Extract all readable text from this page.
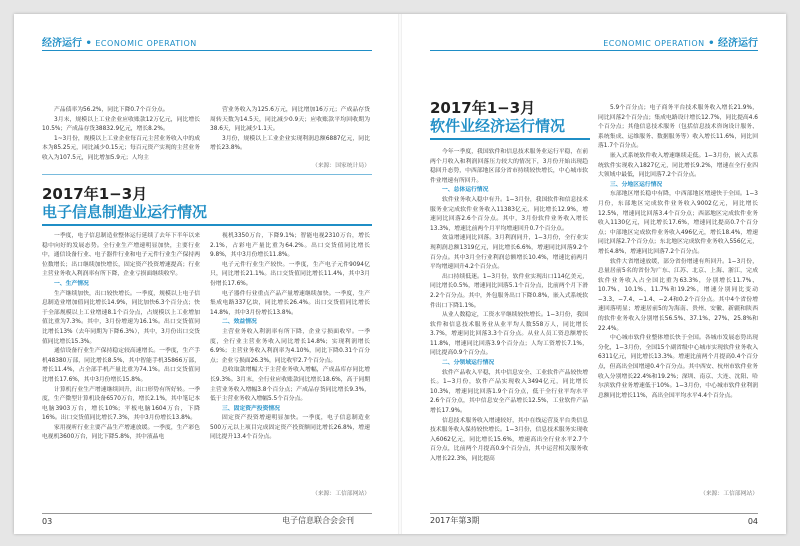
经济运行 • ECONOMIC OPERATION

产品债率为56.2%，同比下降0.7个百分点。

3月末，规模以上工业企业应收账款12万亿元，同比增长10.5%；产成品存货38832.9亿元，增长8.2%。

1~3月份，规模以上工业企业每百元主营业务收入中的成本为85.25元，同比减少0.15元；每百元资产实现的主营业务收入为107.5元，同比增加5.9元；人均主

营业务收入为125.6万元，同比增加16万元；产成品存货周转天数为14.5天，同比减少0.9天；应收账款平均回收期为38.6天，同比减少1.1天。

3月份，规模以上工业企业实现利润总额6887亿元，同比增长23.8%。

（来源：国家统计局）

2017年1−3月
电子信息制造业运行情况

一季度，电子信息制造业整体运行延续了去年下半年以来稳中向好的发展态势。全行业生产增速明显加快，主要行业中，通信设备行业、电子器件行业和电子元件行业生产保持两位数增长；出口继续加快增长，固定资产投资增速提高；行业主营业务收入利润率有所下降，企业亏损面继续收窄。

一、生产情况

生产继续加快，出口较快增长。一季度，规模以上电子信息制造业增加值同比增长14.9%，同比加快6.3个百分点；快于全部规模以上工业增速8.1个百分点，占规模以上工业增加值比重为7.3%。其中，3月份增速为16.1%。出口交货值同比增长13%（去年同期为下降6.3%），其中，3月份出口交货值同比增长15.3%。

通信设备行业生产保持稳定较高速增长。一季度，生产手机48380万部，同比增长8.5%，其中智能手机35866万部，增长11.4%，占全部手机产量比重为74.1%。出口交货值同比增长17.6%，其中3月份增长15.8%。

计算机行业生产增速继续回升，出口形势有所好转。一季度，生产微型计算机设备6570万台，增长2.1%，其中笔记本电脑3903万台，增长10%；平板电脑1604万台，下降16%。出口交货值同比增长7.3%，其中3月份增长13.8%。

家用视听行业主要产品生产增速放缓。一季度，生产彩色电视机3600万台，同比下降5.8%，其中液晶电

视机3350万台，下降9.1%；智能电视2310万台，增长2.1%，占彩电产量比重为64.2%。出口交货值同比增长9.8%，其中3月份增长11.8%。

电子元件行业生产较快。一季度，生产电子元件9094亿只，同比增长21.1%。出口交货值同比增长11.4%，其中3月份增长17.6%。

电子器件行业重点产品产量增速继续加快。一季度，生产集成电路337亿块，同比增长26.4%。出口交货值同比增长14.8%，其中3月份增长13.8%。

二、效益情况

主营业务收入利润率有所下降，企业亏损面收窄。一季度，全行业主营业务收入同比增长14.8%；实现利润增长6.9%；主营业务收入利润率为4.10%，同比下降0.31个百分点；企业亏损面26.3%，同比收窄2.7个百分点。

总收取款增幅大于主营业务收入增幅，产成品库存同比增长9.3%。3月末，全行业应收账款同比增长18.6%，高于同期主营业务收入增幅3.8个百分点；产成品存货同比增长9.3%，低于主营业务收入增幅5.5个百分点。

三、固定资产投资情况

固定资产投资增速明显加快。一季度，电子信息制造业500万元以上项目完成固定资产投资额同比增长26.8%，增速同比提升13.4个百分点。

（来源：工信部网站）

03	电子信息联合会会刊
ECONOMIC OPERATION • 经济运行
2017年1−3月
软件业经济运行情况

今年一季度，我国软件和信息技术服务业运行平稳，在前两个月收入和利润回落压力较大的情况下，3月份开始出现趋稳回升态势，中西部地区部分省市持续较快增长，中心城市软件业增速有所回升。

一、总体运行情况

软件业务收入稳中有升。1−3月份，我国软件和信息技术服务业完成软件业务收入11383亿元，同比增长12.9%，增速同比回落2.6个百分点。其中，3月份软件业务收入增长13.3%，增速比前两个月平均增速回升0.7个百分点。

效益增速同比回落。3月利润同升，1−3月份，全行业实现利润总额1319亿元，同比增长6.6%，增速同比回落9.2个百分点。其中3月全行业利润总额增长10.4%，增速比前两月平均增速回升4.2个百分点。

出口持续低迷。1−3月份，软件业实现出口114亿美元，同比增长0.5%，增速同比回落5.1个百分点，比前两个月下滑2.2个百分点。其中，外包服务出口下降0.8%，嵌入式系统软件出口下降1.1%。

从业人数稳定，工资水平继续较快增长。1−3月份，我国软件和信息技术服务业从业平均人数558万人，同比增长3.7%，增速同比回落3.3个百分点。从业人员工资总额增长11.8%，增速同比回落3.9个百分点；人均工资增长7.1%，同比提高0.9个百分点。

二、分领域运行情况

软件产品收入平稳，其中信息安全、工业软件产品较快增长。1−3月份，软件产品实现收入3494亿元，同比增长10.3%，增速同比回落1.9个百分点，低于全行业平均水平2.6个百分点，其中信息安全产品增长12.5%，工业软件产品增长17.9%。

信息技术服务收入增速较好，其中在线运营及平台类信息技术服务收入保持较快增长。1−3月份，信息技术服务实现收入6062亿元，同比增长15.6%，增速高出全行业水平2.7个百分点，比前两个月提高0.9个百分点，其中运营相关服务收入增长22.3%，同比提高

5.9个百分点；电子商务平台技术服务收入增长21.9%，同比回落2个百分点；集成电路设计增长12.7%，同比提高4.6个百分点；其他信息技术服务（包括信息技术咨询设计服务、系统集成、运维服务、数据服务等）收入增长11.6%，同比回落1.7个百分点。

嵌入式系统软件收入增速继续走低。1−3月份，嵌入式系统软件实现收入1827亿元，同比增长9.2%，增速在全行业四大领域中最低，同比回落7.2个百分点。

三、分地区运行情况

东部地区增长稳中有降，中西部地区增速快于全国。1−3月份，东部地区完成软件业务收入9002亿元，同比增长12.5%，增速同比回落3.4个百分点；西部地区完成软件业务收入1130亿元，同比增长17.6%，增速同比提高0.7个百分点；中部地区完成软件业务收入496亿元，增长18.4%，增速同比回落2.7个百分点；东北地区完成软件业务收入556亿元，增长4.8%，增速同比回落7.2个百分点。

软件大省增速放缓，部分省份增速有所回升。1−3月份，总量居前5名的省份为广东、江苏、北京、上海、浙江，完成软件业务收入占全国比重为63.3%，分别增长11.7%、10.7%、10.1%、11.7%和19.2%，增速分别同比变动−3.3、−7.4、−1.4、−2.4和0.2个百分点。其中4个省份增速回落明显；增速居前5的为海南、贵州、安徽、新疆和陕西的软件业务收入分别增长56.5%、37.1%、27%、25.8%和22.4%。

中心城市软件业整体增长快于全国。各城市发展态势出现分化，1−3月份，全国15个副省级中心城市实现软件业务收入6311亿元，同比增长13.3%。增速比前两个月提高0.4个百分点，但高出全国增速0.4个百分点。其中西安、杭州市软件业务收入分别增长22.4%和19.2%；深圳、南京、大连、沈阳、哈尔滨软件业务增速低于10%。1−3月份，中心城市软件业利润总额同比增长11%，高出全国平均水平4.4个百分点。

（来源：工信部网站）

2017年第3期	04
